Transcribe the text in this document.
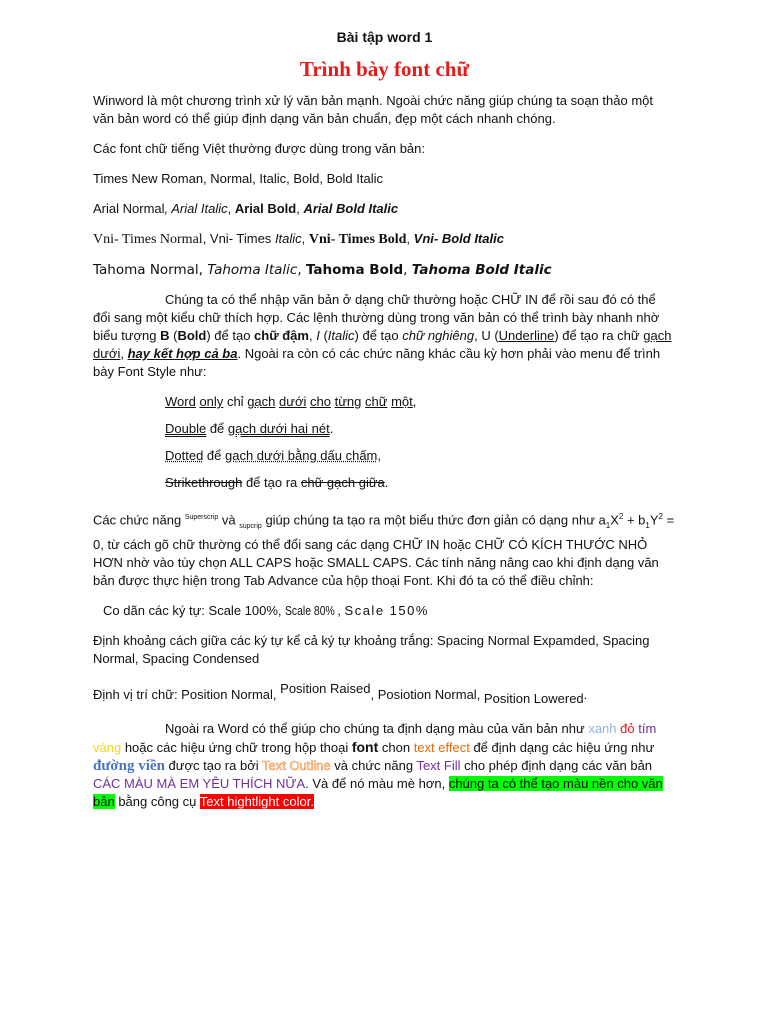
Bài tập word 1
Trình bày font chữ

Winword là một chương trình xử lý văn bản mạnh. Ngoài chức năng giúp chúng ta soạn thảo một văn bản word có thể giúp định dạng văn bản chuẩn, đẹp một cách nhanh chóng.

Các font chữ tiếng Việt thường được dùng trong văn bản:

Times New Roman, Normal, Italic, Bold, Bold Italic

Arial Normal, Arial Italic, Arial Bold, Arial Bold Italic

Vni- Times Normal, Vni- Times Italic, Vni- Times Bold, Vni- Bold Italic

Tahoma Normal, Tahoma Italic, Tahoma Bold, Tahoma Bold Italic

Chúng ta có thể nhập văn bản ở dạng chữ thường hoặc CHỮ IN để rồi sau đó có thể đổi sang một kiểu chữ thích hợp. Các lệnh thường dùng trong văn bản có thể trình bày nhanh nhờ biểu tượng B (Bold) để tạo chữ đậm, I (Italic) để tạo chữ nghiêng, U (Underline) để tạo ra chữ gạch dưới, hay kết hợp cả ba. Ngoài ra còn có các chức năng khác cầu kỳ hơn phải vào menu để trình bày Font Style như:

Word only chỉ gạch dưới cho từng chữ một,
Double để gạch dưới hai nét.
Dotted để gạch dưới bằng dấu chấm,
Strikethrough để tạo ra chữ gạch giữa.

Các chức năng $^{Superscrip}$ và $_{supcrip}$ giúp chúng ta tạo ra một biểu thức đơn giản có dạng như $a_1X^2 + b_1Y^2 = 0$, từ cách gõ chữ thường có thể đổi sang các dạng CHỮ IN hoặc CHỮ CÓ KÍCH THƯỚC NHỎ HƠN nhờ vào tùy chọn ALL CAPS hoặc SMALL CAPS. Các tính năng nâng cao khi định dạng văn bản được thực hiện trong Tab Advance của hộp thoại Font. Khi đó ta có thể điều chỉnh:

Co dãn các ký tự: Scale 100%, Scale 80% , Scale 150%

Định khoảng cách giữa các ký tự kể cả ký tự khoảng trắng: Spacing Normal Expamded, Spacing Normal, Spacing Condensed

Định vị trí chữ: Position Normal, Position Raised, Posiotion Normal, Position Lowered.

Ngoài ra Word có thể giúp cho chúng ta định dạng màu của văn bản như xanh đỏ tím vàng hoặc các hiệu ứng chữ trong hộp thoại font chon text effect để định dạng các hiệu ứng như đường viền được tạo ra bởi Text Outline và chức năng Text Fill cho phép định dạng các văn bản CÁC MÀU MÀ EM YÊU THÍCH NỮA. Và để nó màu mè hơn, chúng ta có thể tạo màu nền cho văn bản bằng công cụ Text hightlight color.
